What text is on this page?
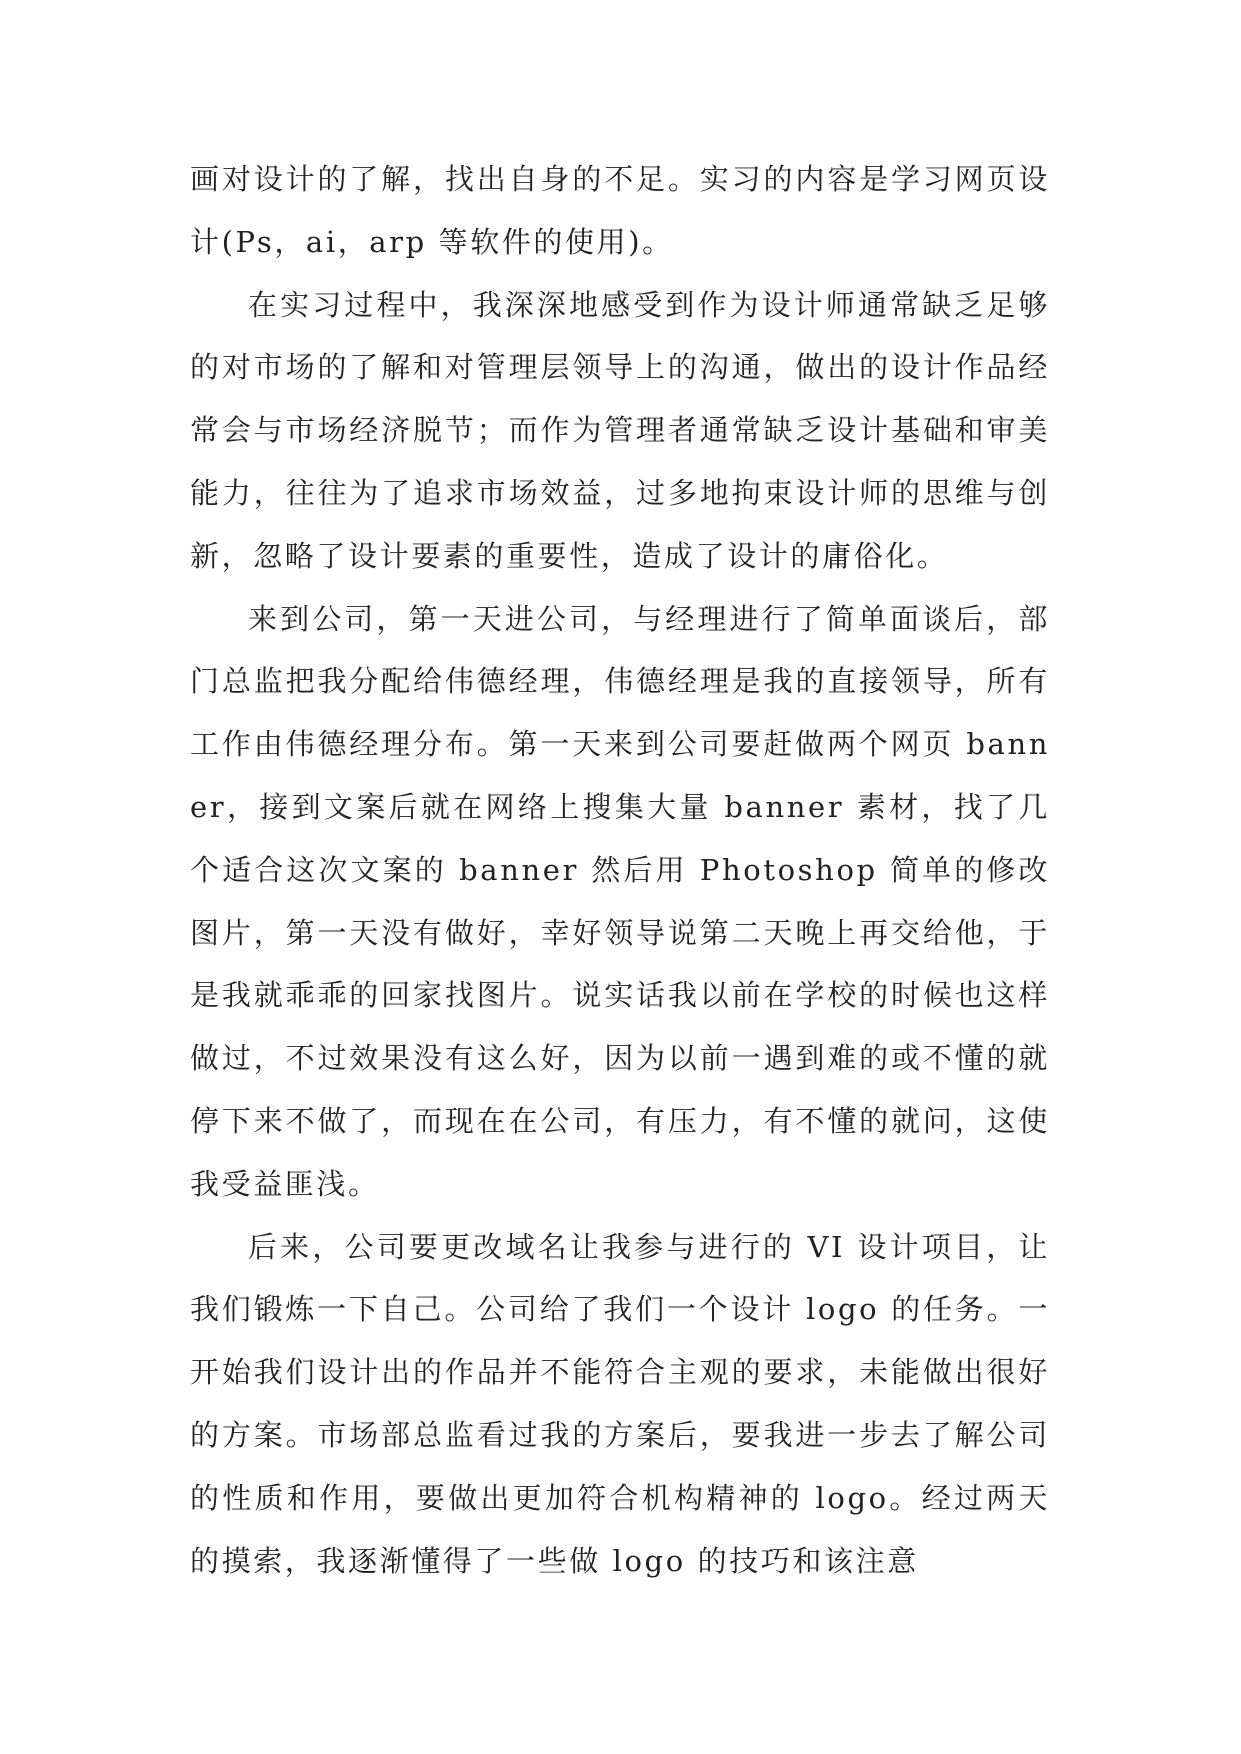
画对设计的了解，找出自身的不足。实习的内容是学习网页设计(Ps，ai，arp 等软件的使用)。

在实习过程中，我深深地感受到作为设计师通常缺乏足够的对市场的了解和对管理层领导上的沟通，做出的设计作品经常会与市场经济脱节；而作为管理者通常缺乏设计基础和审美能力，往往为了追求市场效益，过多地拘束设计师的思维与创新，忽略了设计要素的重要性，造成了设计的庸俗化。

来到公司，第一天进公司，与经理进行了简单面谈后，部门总监把我分配给伟德经理，伟德经理是我的直接领导，所有工作由伟德经理分布。第一天来到公司要赶做两个网页 banner，接到文案后就在网络上搜集大量 banner 素材，找了几个适合这次文案的 banner 然后用 Photoshop 简单的修改图片，第一天没有做好，幸好领导说第二天晚上再交给他，于是我就乖乖的回家找图片。说实话我以前在学校的时候也这样做过，不过效果没有这么好，因为以前一遇到难的或不懂的就停下来不做了，而现在在公司，有压力，有不懂的就问，这使我受益匪浅。

后来，公司要更改域名让我参与进行的 VI 设计项目，让我们锻炼一下自己。公司给了我们一个设计 logo 的任务。一开始我们设计出的作品并不能符合主观的要求，未能做出很好的方案。市场部总监看过我的方案后，要我进一步去了解公司的性质和作用，要做出更加符合机构精神的 logo。经过两天的摸索，我逐渐懂得了一些做 logo 的技巧和该注意
